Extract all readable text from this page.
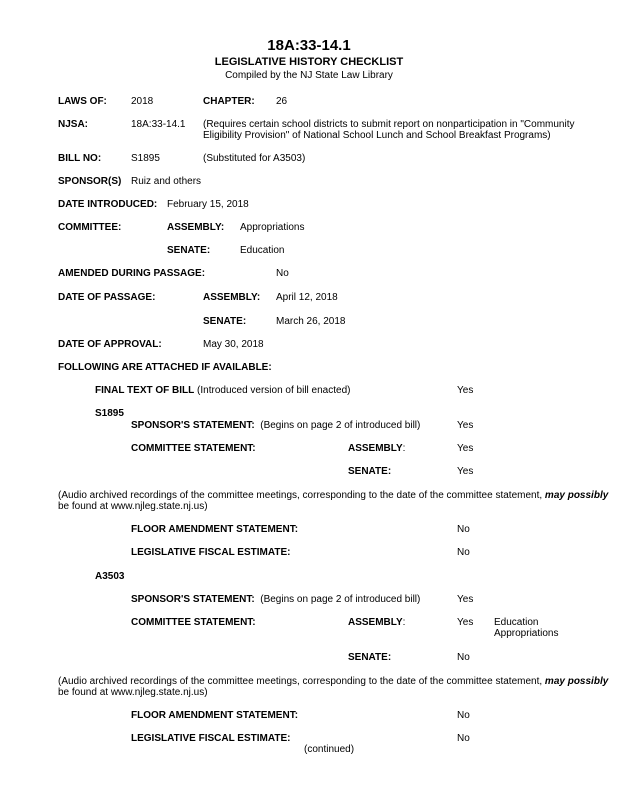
18A:33-14.1
LEGISLATIVE HISTORY CHECKLIST
Compiled by the NJ State Law Library
LAWS OF: 2018	CHAPTER: 26
NJSA:	18A:33-14.1 (Requires certain school districts to submit report on nonparticipation in "Community
Eligibility Provision" of National School Lunch and School Breakfast Programs)
BILL NO:	S1895	(Substituted for A3503)
SPONSOR(S) Ruiz and others
DATE INTRODUCED: February 15, 2018
COMMITTEE:	ASSEMBLY: Appropriations
SENATE:	Education
AMENDED DURING PASSAGE:	No
DATE OF PASSAGE:	ASSEMBLY: April 12, 2018
SENATE:	March 26, 2018
DATE OF APPROVAL:	May 30, 2018
FOLLOWING ARE ATTACHED IF AVAILABLE:
FINAL TEXT OF BILL (Introduced version of bill enacted)	Yes
S1895
SPONSOR'S STATEMENT:  (Begins on page 2 of introduced bill)	Yes
COMMITTEE STATEMENT:	ASSEMBLY:	Yes
SENATE:	Yes
(Audio archived recordings of the committee meetings, corresponding to the date of the committee statement, may possibly
be found at www.njleg.state.nj.us)
FLOOR AMENDMENT STATEMENT:	No
LEGISLATIVE FISCAL ESTIMATE:	No
A3503
SPONSOR'S STATEMENT:  (Begins on page 2 of introduced bill)	Yes
COMMITTEE STATEMENT:	ASSEMBLY:	Yes Education
Appropriations
SENATE:	No
(Audio archived recordings of the committee meetings, corresponding to the date of the committee statement, may possibly
be found at www.njleg.state.nj.us)
FLOOR AMENDMENT STATEMENT:	No
LEGISLATIVE FISCAL ESTIMATE:	No
(continued)
